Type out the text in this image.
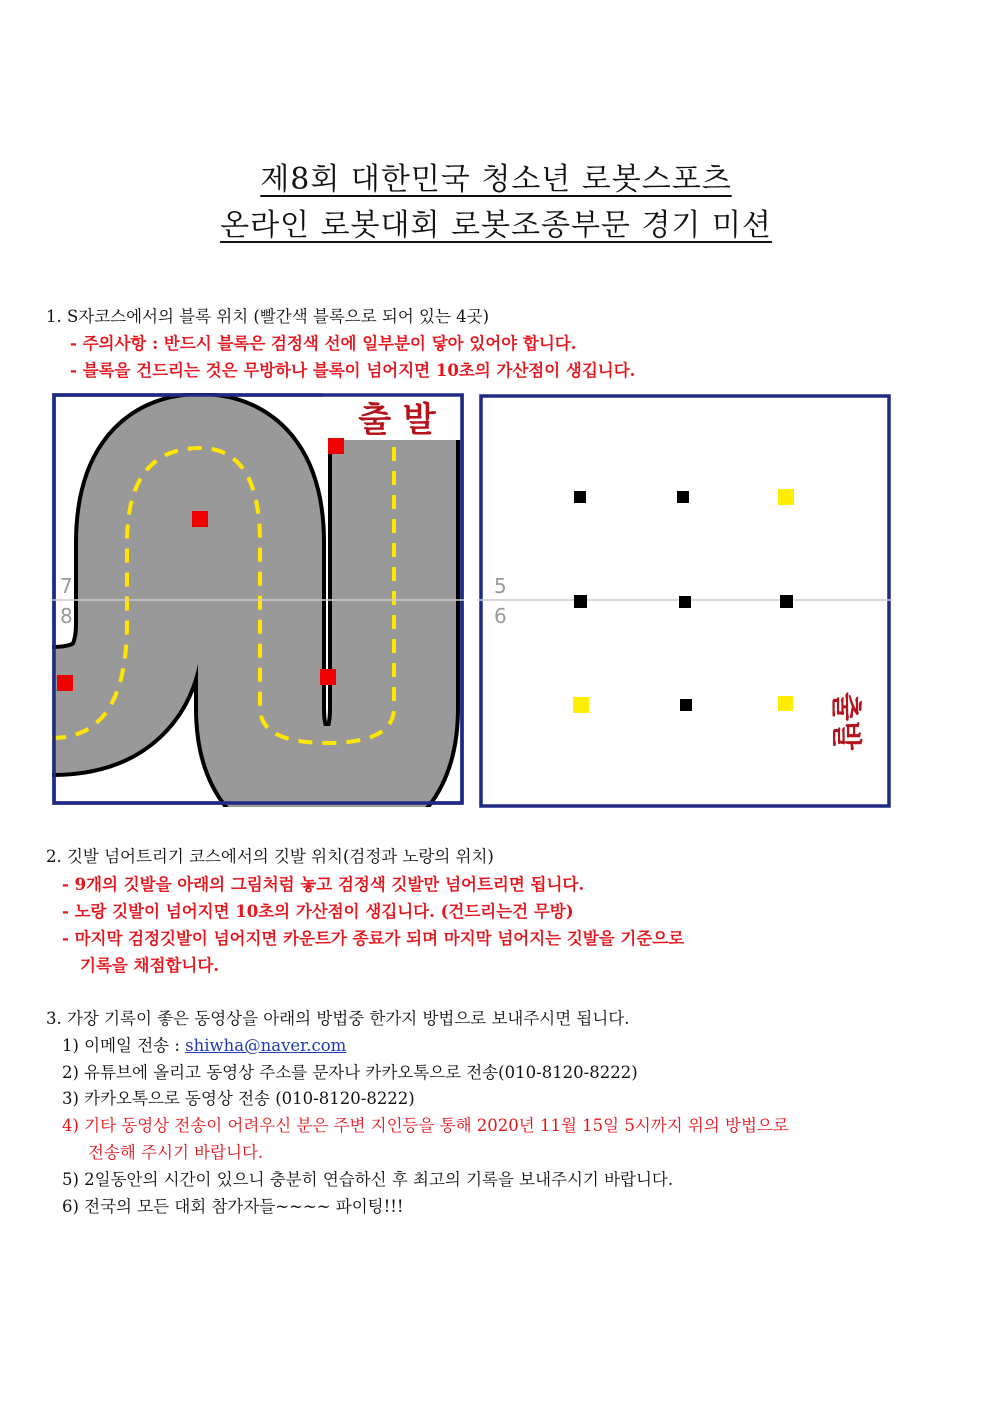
제8회 대한민국 청소년 로봇스포츠
온라인 로봇대회 로봇조종부문 경기 미션
1. S자코스에서의 블록 위치 (빨간색 블록으로 되어 있는 4곳)
- 주의사항 : 반드시 블록은 검정색 선에 일부분이 닿아 있어야 합니다.
- 블록을 건드리는 것은 무방하나 블록이 넘어지면 10초의 가산점이 생깁니다.
출 발
7
8
5
6
출발
2. 깃발 넘어트리기 코스에서의 깃발 위치(검정과 노랑의 위치)
- 9개의 깃발을 아래의 그림처럼 놓고 검정색 깃발만 넘어트리면 됩니다.
- 노랑 깃발이 넘어지면 10초의 가산점이 생깁니다. (건드리는건 무방)
- 마지막 검정깃발이 넘어지면 카운트가 종료가 되며 마지막 넘어지는 깃발을 기준으로
기록을 채점합니다.
3. 가장 기록이 좋은 동영상을 아래의 방법중 한가지 방법으로 보내주시면 됩니다.
1) 이메일 전송 : shiwha@naver.com
2) 유튜브에 올리고 동영상 주소를 문자나 카카오톡으로 전송(010-8120-8222)
3) 카카오톡으로 동영상 전송 (010-8120-8222)
4) 기타 동영상 전송이 어려우신 분은 주변 지인등을 통해 2020년 11월 15일 5시까지 위의 방법으로
전송해 주시기 바랍니다.
5) 2일동안의 시간이 있으니 충분히 연습하신 후 최고의 기록을 보내주시기 바랍니다.
6) 전국의 모든 대회 참가자들~~~~ 파이팅!!!
